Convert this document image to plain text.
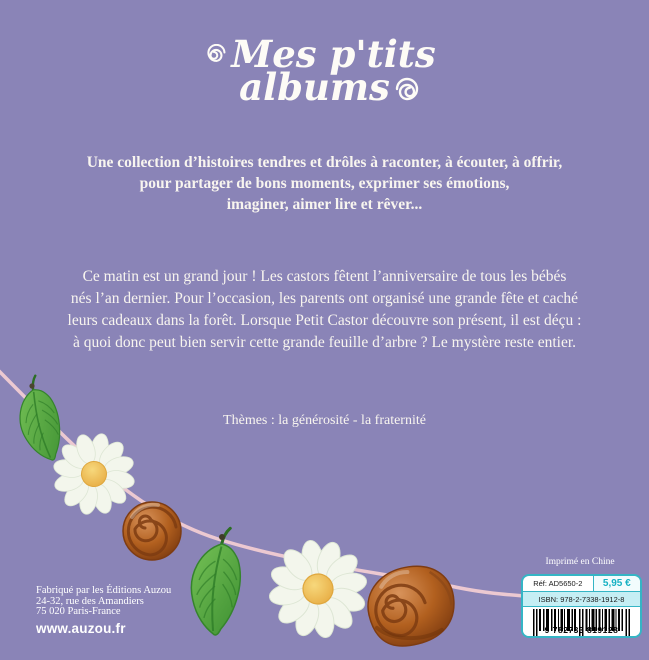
Mes p'tits
albums
Une collection d’histoires tendres et drôles à raconter, à écouter, à offrir,
pour partager de bons moments, exprimer ses émotions,
imaginer, aimer lire et rêver...
Ce matin est un grand jour ! Les castors fêtent l’anniversaire de tous les bébés
nés l’an dernier. Pour l’occasion, les parents ont organisé une grande fête et caché
leurs cadeaux dans la forêt. Lorsque Petit Castor découvre son présent, il est déçu :
à quoi donc peut bien servir cette grande feuille d’arbre ? Le mystère reste entier.
Thèmes : la générosité - la fraternité
Fabriqué par les Éditions Auzou
24-32, rue des Amandiers
75 020 Paris-France
www.auzou.fr
Imprimé en Chine
Réf: AD5650-2	5,95 €
ISBN: 978-2-7338-1912-8
9 782733 819128
